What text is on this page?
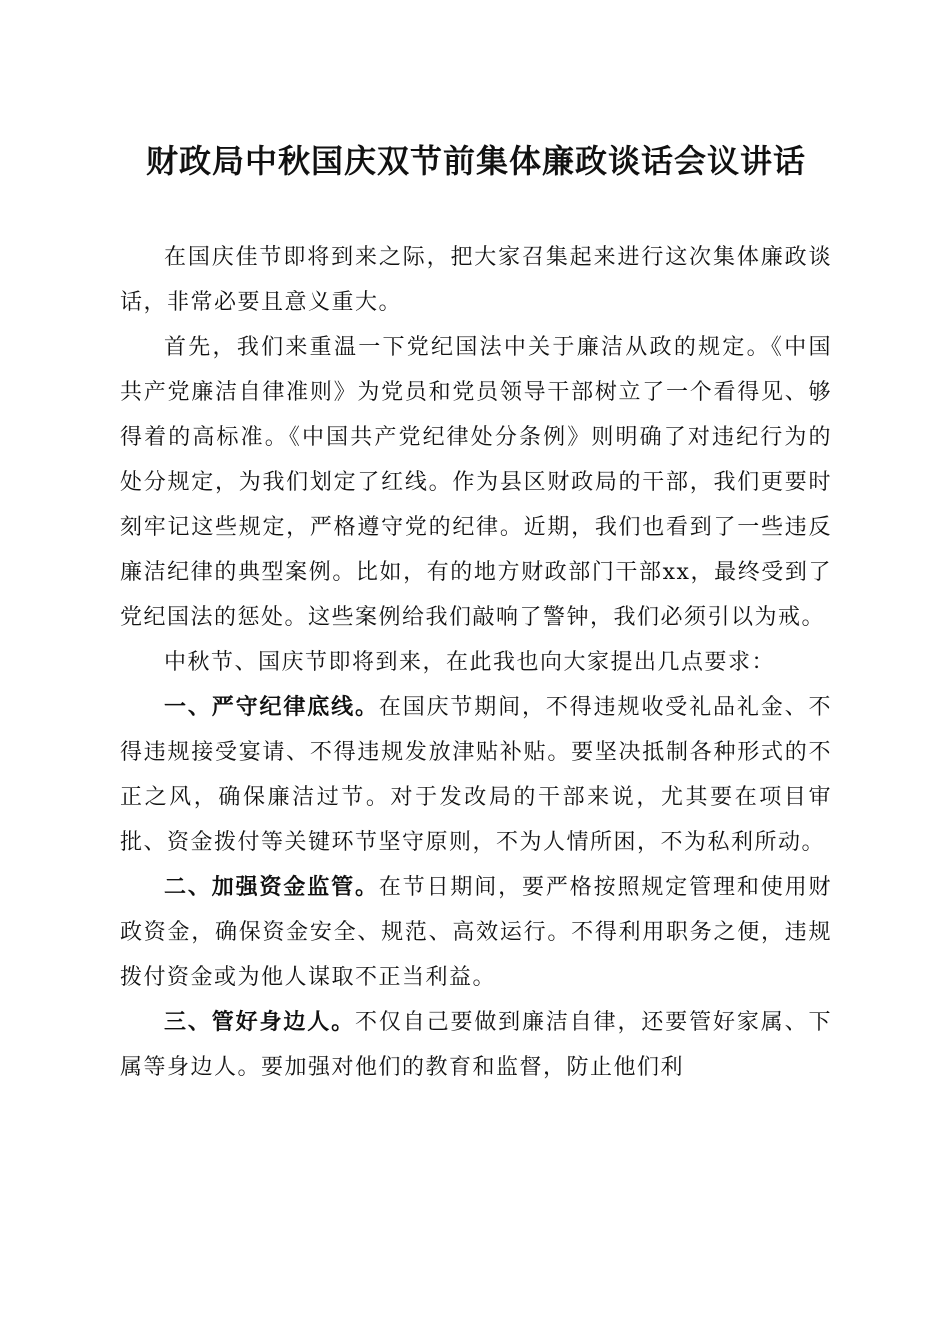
财政局中秋国庆双节前集体廉政谈话会议讲话

在国庆佳节即将到来之际，把大家召集起来进行这次集体廉政谈话，非常必要且意义重大。

首先，我们来重温一下党纪国法中关于廉洁从政的规定。《中国共产党廉洁自律准则》为党员和党员领导干部树立了一个看得见、够得着的高标准。《中国共产党纪律处分条例》则明确了对违纪行为的处分规定，为我们划定了红线。作为县区财政局的干部，我们更要时刻牢记这些规定，严格遵守党的纪律。近期，我们也看到了一些违反廉洁纪律的典型案例。比如，有的地方财政部门干部xx，最终受到了党纪国法的惩处。这些案例给我们敲响了警钟，我们必须引以为戒。

中秋节、国庆节即将到来，在此我也向大家提出几点要求：

一、严守纪律底线。在国庆节期间，不得违规收受礼品礼金、不得违规接受宴请、不得违规发放津贴补贴。要坚决抵制各种形式的不正之风，确保廉洁过节。对于发改局的干部来说，尤其要在项目审批、资金拨付等关键环节坚守原则，不为人情所困，不为私利所动。

二、加强资金监管。在节日期间，要严格按照规定管理和使用财政资金，确保资金安全、规范、高效运行。不得利用职务之便，违规拨付资金或为他人谋取不正当利益。

三、管好身边人。不仅自己要做到廉洁自律，还要管好家属、下属等身边人。要加强对他们的教育和监督，防止他们利
